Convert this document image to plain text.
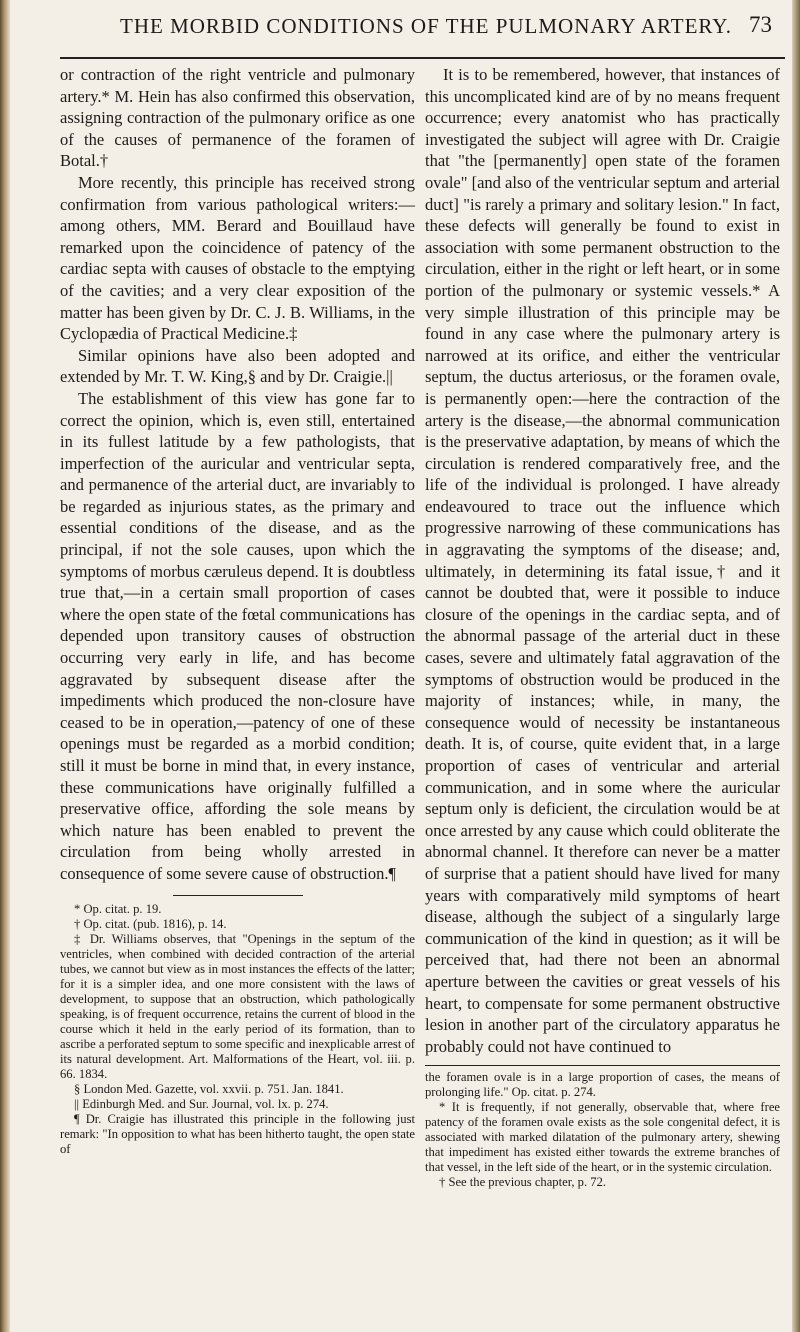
THE MORBID CONDITIONS OF THE PULMONARY ARTERY. 73

or contraction of the right ventricle and pulmonary artery.* M. Hein has also confirmed this observation, assigning contraction of the pulmonary orifice as one of the causes of permanence of the foramen of Botal.†

More recently, this principle has received strong confirmation from various pathological writers:—among others, MM. Berard and Bouillaud have remarked upon the coincidence of patency of the cardiac septa with causes of obstacle to the emptying of the cavities; and a very clear exposition of the matter has been given by Dr. C. J. B. Williams, in the Cyclopædia of Practical Medicine.‡

Similar opinions have also been adopted and extended by Mr. T. W. King,§ and by Dr. Craigie.||

The establishment of this view has gone far to correct the opinion, which is, even still, entertained in its fullest latitude by a few pathologists, that imperfection of the auricular and ventricular septa, and permanence of the arterial duct, are invariably to be regarded as injurious states, as the primary and essential conditions of the disease, and as the principal, if not the sole causes, upon which the symptoms of morbus cæruleus depend. It is doubtless true that,—in a certain small proportion of cases where the open state of the fœtal communications has depended upon transitory causes of obstruction occurring very early in life, and has become aggravated by subsequent disease after the impediments which produced the non-closure have ceased to be in operation,—patency of one of these openings must be regarded as a morbid condition; still it must be borne in mind that, in every instance, these communications have originally fulfilled a preservative office, affording the sole means by which nature has been enabled to prevent the circulation from being wholly arrested in consequence of some severe cause of obstruction.¶

* Op. citat. p. 19.

† Op. citat. (pub. 1816), p. 14.

‡ Dr. Williams observes, that "Openings in the septum of the ventricles, when combined with decided contraction of the arterial tubes, we cannot but view as in most instances the effects of the latter; for it is a simpler idea, and one more consistent with the laws of development, to suppose that an obstruction, which pathologically speaking, is of frequent occurrence, retains the current of blood in the course which it held in the early period of its formation, than to ascribe a perforated septum to some specific and inexplicable arrest of its natural development. Art. Malformations of the Heart, vol. iii. p. 66. 1834.

§ London Med. Gazette, vol. xxvii. p. 751. Jan. 1841.

|| Edinburgh Med. and Sur. Journal, vol. lx. p. 274.

¶ Dr. Craigie has illustrated this principle in the following just remark: "In opposition to what has been hitherto taught, the open state of

It is to be remembered, however, that instances of this uncomplicated kind are of by no means frequent occurrence; every anatomist who has practically investigated the subject will agree with Dr. Craigie that "the [permanently] open state of the foramen ovale" [and also of the ventricular septum and arterial duct] "is rarely a primary and solitary lesion." In fact, these defects will generally be found to exist in association with some permanent obstruction to the circulation, either in the right or left heart, or in some portion of the pulmonary or systemic vessels.* A very simple illustration of this principle may be found in any case where the pulmonary artery is narrowed at its orifice, and either the ventricular septum, the ductus arteriosus, or the foramen ovale, is permanently open:—here the contraction of the artery is the disease,—the abnormal communication is the preservative adaptation, by means of which the circulation is rendered comparatively free, and the life of the individual is prolonged. I have already endeavoured to trace out the influence which progressive narrowing of these communications has in aggravating the symptoms of the disease; and, ultimately, in determining its fatal issue,† and it cannot be doubted that, were it possible to induce closure of the openings in the cardiac septa, and of the abnormal passage of the arterial duct in these cases, severe and ultimately fatal aggravation of the symptoms of obstruction would be produced in the majority of instances; while, in many, the consequence would of necessity be instantaneous death. It is, of course, quite evident that, in a large proportion of cases of ventricular and arterial communication, and in some where the auricular septum only is deficient, the circulation would be at once arrested by any cause which could obliterate the abnormal channel. It therefore can never be a matter of surprise that a patient should have lived for many years with comparatively mild symptoms of heart disease, although the subject of a singularly large communication of the kind in question; as it will be perceived that, had there not been an abnormal aperture between the cavities or great vessels of his heart, to compensate for some permanent obstructive lesion in another part of the circulatory apparatus he probably could not have continued to

the foramen ovale is in a large proportion of cases, the means of prolonging life." Op. citat. p. 274.

* It is frequently, if not generally, observable that, where free patency of the foramen ovale exists as the sole congenital defect, it is associated with marked dilatation of the pulmonary artery, shewing that impediment has existed either towards the extreme branches of that vessel, in the left side of the heart, or in the systemic circulation.

† See the previous chapter, p. 72.
